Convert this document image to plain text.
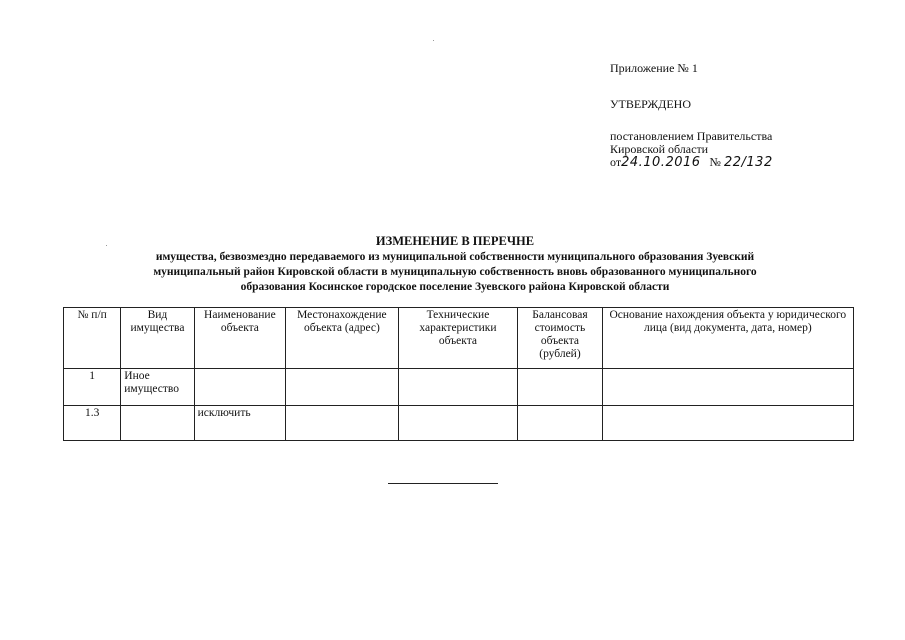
Приложение № 1
УТВЕРЖДЕНО
постановлением Правительства
Кировской области
от24.10.2016 № 22/132
ИЗМЕНЕНИЕ В ПЕРЕЧНЕ
имущества, безвозмездно передаваемого из муниципальной собственности муниципального образования Зуевский
муниципальный район Кировской области в муниципальную собственность вновь образованного муниципального
образования Косинское городское поселение Зуевского района Кировской области
№ п/п	Вид имущества	Наименование объекта	Местонахождение объекта (адрес)	Технические характеристики объекта	Балансовая стоимость объекта (рублей)	Основание нахождения объекта у юридического лица (вид документа, дата, номер)
1	Иное имущество					
1.3		исключить				
